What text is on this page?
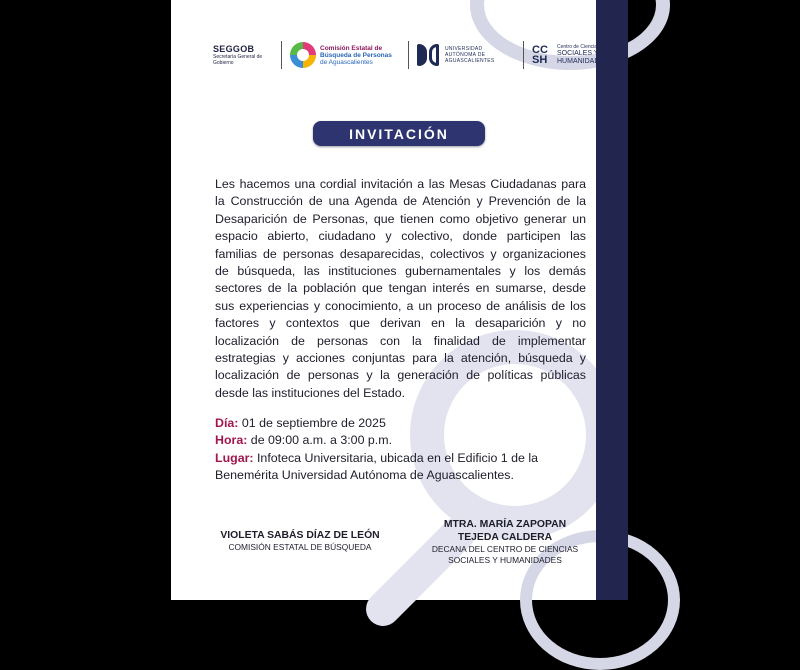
SEGGOB
Secretaría General de Gobierno
Comisión Estatal de
Búsqueda de Personas
de Aguascalientes
UNIVERSIDAD
AUTÓNOMA DE
AGUASCALIENTES
CC SH
Centro de Ciencias
SOCIALES Y
HUMANIDADES
INVITACIÓN
Les hacemos una cordial invitación a las Mesas Ciudadanas para la Construcción de una Agenda de Atención y Prevención de la Desaparición de Personas, que tienen como objetivo generar un espacio abierto, ciudadano y colectivo, donde participen las familias de personas desaparecidas, colectivos y organizaciones de búsqueda, las instituciones gubernamentales y los demás sectores de la población que tengan interés en sumarse, desde sus experiencias y conocimiento, a un proceso de análisis de los factores y contextos que derivan en la desaparición y no localización de personas con la finalidad de implementar estrategias y acciones conjuntas para la atención, búsqueda y localización de personas y la generación de políticas públicas desde las instituciones del Estado.
Día: 01 de septiembre de 2025
Hora: de 09:00 a.m. a 3:00 p.m.
Lugar: Infoteca Universitaria, ubicada en el Edificio 1 de la Benemérita Universidad Autónoma de Aguascalientes.
VIOLETA SABÁS DÍAZ DE LEÓN
COMISIÓN ESTATAL DE BÚSQUEDA
MTRA. MARÍA ZAPOPAN
TEJEDA CALDERA
DECANA DEL CENTRO DE CIENCIAS
SOCIALES Y HUMANIDADES
